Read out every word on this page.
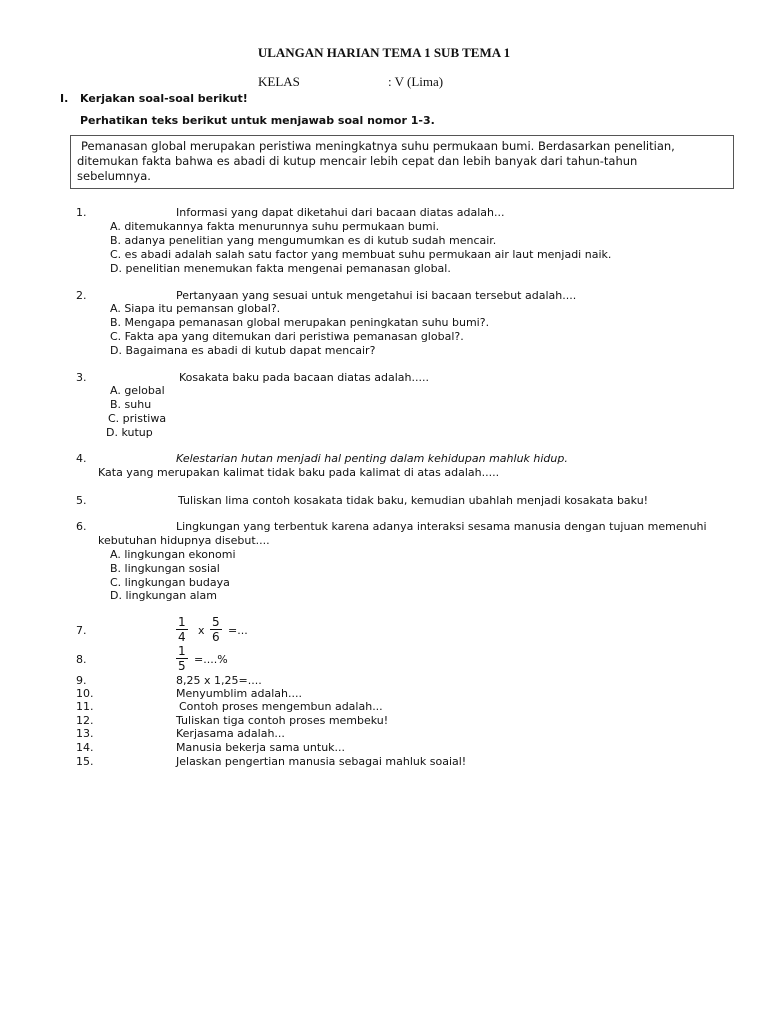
ULANGAN HARIAN TEMA 1 SUB TEMA 1
KELAS	: V (Lima)
I. Kerjakan soal-soal berikut!
Perhatikan teks berikut untuk menjawab soal nomor 1-3.
Pemanasan global merupakan peristiwa meningkatnya suhu permukaan bumi. Berdasarkan penelitian,
ditemukan fakta bahwa es abadi di kutup mencair lebih cepat dan lebih banyak dari tahun-tahun
sebelumnya.
1.	Informasi yang dapat diketahui dari bacaan diatas adalah...
A. ditemukannya fakta menurunnya suhu permukaan bumi.
B. adanya penelitian yang mengumumkan es di kutub sudah mencair.
C. es abadi adalah salah satu factor yang membuat suhu permukaan air laut menjadi naik.
D. penelitian menemukan fakta mengenai pemanasan global.
2.	Pertanyaan yang sesuai untuk mengetahui isi bacaan tersebut adalah....
A. Siapa itu pemansan global?.
B. Mengapa pemanasan global merupakan peningkatan suhu bumi?.
C. Fakta apa yang ditemukan dari peristiwa pemanasan global?.
D. Bagaimana es abadi di kutub dapat mencair?
3.	Kosakata baku pada bacaan diatas adalah.....
A. gelobal
B. suhu
C. pristiwa
D. kutup
4.	Kelestarian hutan menjadi hal penting dalam kehidupan mahluk hidup.
Kata yang merupakan kalimat tidak baku pada kalimat di atas adalah.....
5.	Tuliskan lima contoh kosakata tidak baku, kemudian ubahlah menjadi kosakata baku!
6.	Lingkungan yang terbentuk karena adanya interaksi sesama manusia dengan tujuan memenuhi
kebutuhan hidupnya disebut....
A. lingkungan ekonomi
B. lingkungan sosial
C. lingkungan budaya
D. lingkungan alam
7.	$\frac{1}{4}$ x $\frac{5}{6}$ =...
8.	$\frac{1}{5}$ =....%
9.	8,25 x 1,25=....
10.	Menyumblim adalah....
11.	Contoh proses mengembun adalah...
12.	Tuliskan tiga contoh proses membeku!
13.	Kerjasama adalah...
14.	Manusia bekerja sama untuk...
15.	Jelaskan pengertian manusia sebagai mahluk soaial!
